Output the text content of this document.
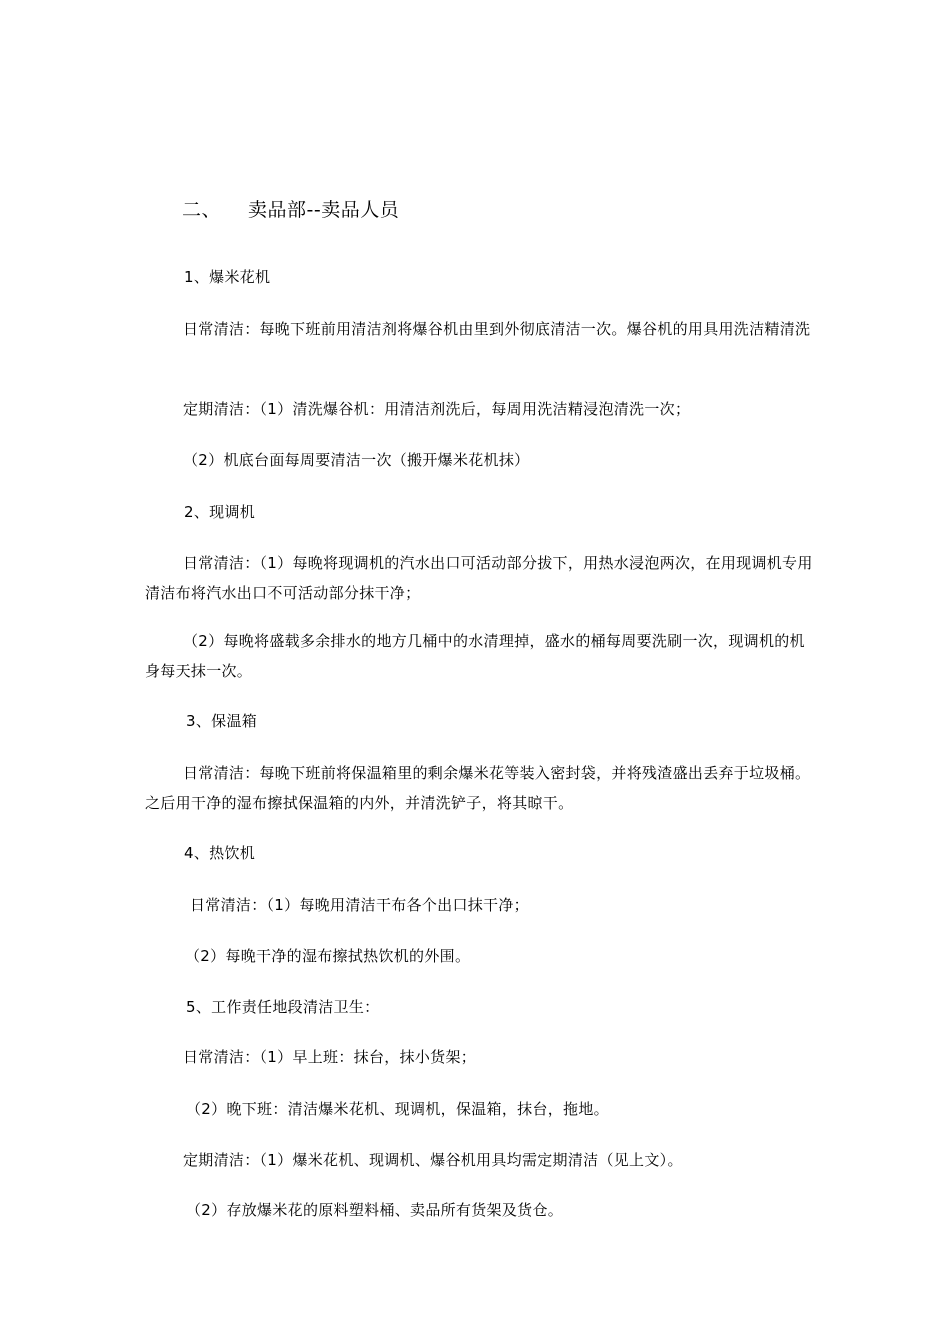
二、 卖品部--卖品人员
1、爆米花机
日常清洁：每晚下班前用清洁剂将爆谷机由里到外彻底清洁一次。爆谷机的用具用洗洁精清洗
定期清洁：（1）清洗爆谷机：用清洁剂洗后，每周用洗洁精浸泡清洗一次；
（2）机底台面每周要清洁一次（搬开爆米花机抹）
2、现调机
日常清洁：（1）每晚将现调机的汽水出口可活动部分拔下，用热水浸泡两次，在用现调机专用清洁布将汽水出口不可活动部分抹干净；
（2）每晚将盛载多余排水的地方几桶中的水清理掉，盛水的桶每周要洗刷一次，现调机的机身每天抹一次。
3、保温箱
日常清洁：每晚下班前将保温箱里的剩余爆米花等装入密封袋，并将残渣盛出丢弃于垃圾桶。之后用干净的湿布擦拭保温箱的内外，并清洗铲子，将其晾干。
4、热饮机
日常清洁：（1）每晚用清洁干布各个出口抹干净；
（2）每晚干净的湿布擦拭热饮机的外围。
5、工作责任地段清洁卫生：
日常清洁：（1）早上班：抹台，抹小货架；
（2）晚下班：清洁爆米花机、现调机，保温箱，抹台，拖地。
定期清洁：（1）爆米花机、现调机、爆谷机用具均需定期清洁（见上文）。
（2）存放爆米花的原料塑料桶、卖品所有货架及货仓。
